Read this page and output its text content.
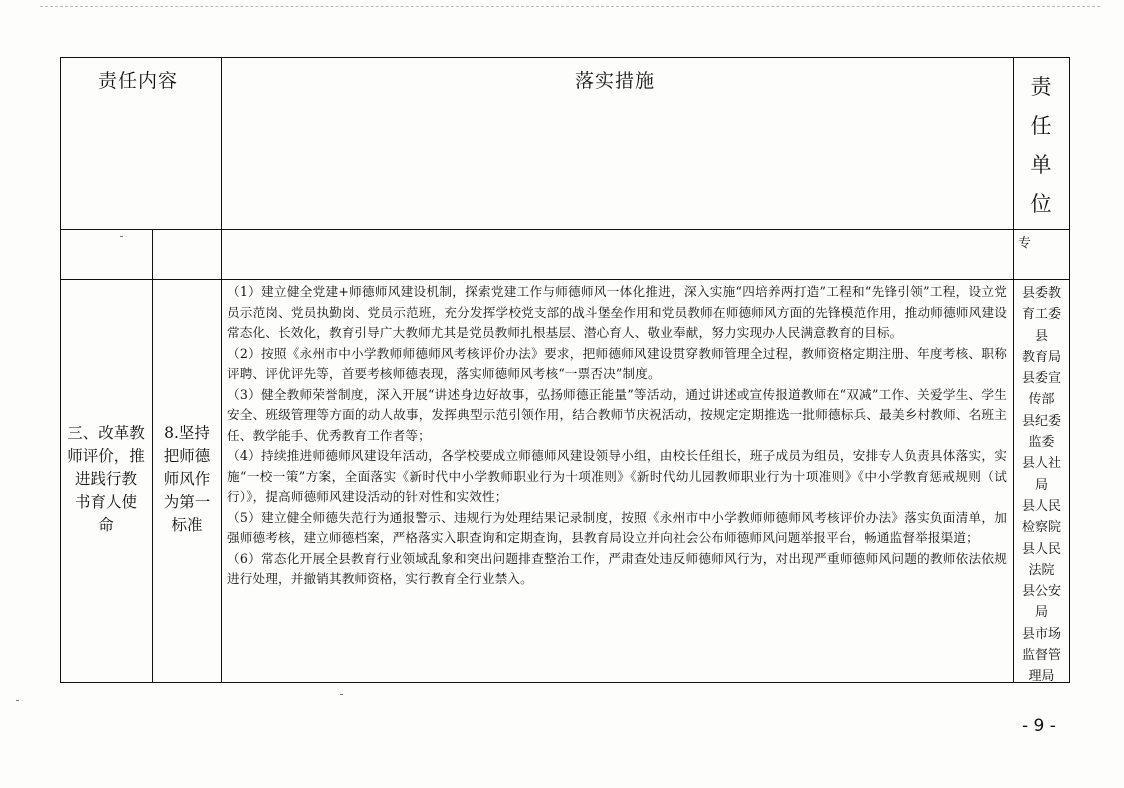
责任内容	落实措施	责
任
单
位
专
三、改革教
师评价，推
进践行教
书育人使
命
8.坚持
把师德
师风作
为第一
标准

（1）建立健全党建+师德师风建设机制，探索党建工作与师德师风一体化推进，深入实施“四培养两打造”工程和“先锋引领”工程，设立党员示范岗、党员执勤岗、党员示范班，充分发挥学校党支部的战斗堡垒作用和党员教师在师德师风方面的先锋模范作用，推动师德师风建设常态化、长效化，教育引导广大教师尤其是党员教师扎根基层、潜心育人、敬业奉献，努力实现办人民满意教育的目标。

（2）按照《永州市中小学教师师德师风考核评价办法》要求，把师德师风建设贯穿教师管理全过程，教师资格定期注册、年度考核、职称评聘、评优评先等，首要考核师德表现，落实师德师风考核“一票否决”制度。

（3）健全教师荣誉制度，深入开展“讲述身边好故事，弘扬师德正能量”等活动，通过讲述或宣传报道教师在“双减”工作、关爱学生、学生安全、班级管理等方面的动人故事，发挥典型示范引领作用，结合教师节庆祝活动，按规定定期推选一批师德标兵、最美乡村教师、名班主任、教学能手、优秀教育工作者等；

（4）持续推进师德师风建设年活动，各学校要成立师德师风建设领导小组，由校长任组长，班子成员为组员，安排专人负责具体落实，实施“一校一策”方案，全面落实《新时代中小学教师职业行为十项准则》《新时代幼儿园教师职业行为十项准则》《中小学教育惩戒规则（试行）》，提高师德师风建设活动的针对性和实效性；

（5）建立健全师德失范行为通报警示、违规行为处理结果记录制度，按照《永州市中小学教师师德师风考核评价办法》落实负面清单，加强师德考核，建立师德档案，严格落实入职查询和定期查询，县教育局设立并向社会公布师德师风问题举报平台，畅通监督举报渠道；

（6）常态化开展全县教育行业领域乱象和突出问题排查整治工作，严肃查处违反师德师风行为，对出现严重师德师风问题的教师依法依规进行处理，并撤销其教师资格，实行教育全行业禁入。

县委教
育工委
县
教育局
县委宣
传部
县纪委
监委
县人社
局
县人民
检察院
县人民
法院
县公安
局
县市场
监督管
理局
- 9 -
